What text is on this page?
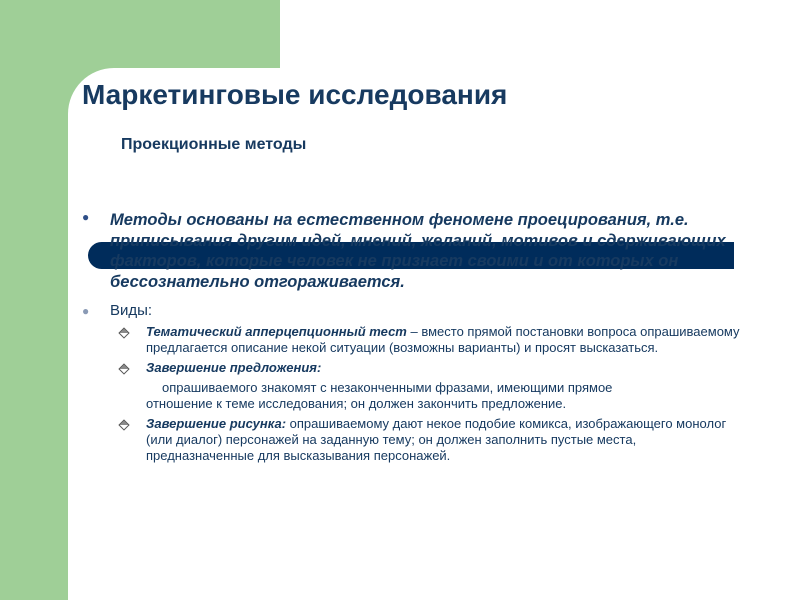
Маркетинговые исследования
Проекционные методы
● Методы основаны на естественном феномене проецирования, т.е. приписывания другим идей, мнений, желаний, мотивов и сдерживающих факторов, которые человек не признает своими и от которых он бессознательно отгораживается.

● Виды:

Тематический апперцепционный тест – вместо прямой постановки вопроса опрашиваемому предлагается описание некой ситуации (возможны варианты) и просят высказаться.

Завершение предложения:

опрашиваемого знакомят с незаконченными фразами, имеющими прямое

отношение к теме исследования; он должен закончить предложение.

Завершение рисунка: опрашиваемому дают некое подобие комикса, изображающего монолог (или диалог) персонажей на заданную тему; он должен заполнить пустые места, предназначенные для высказывания персонажей.
